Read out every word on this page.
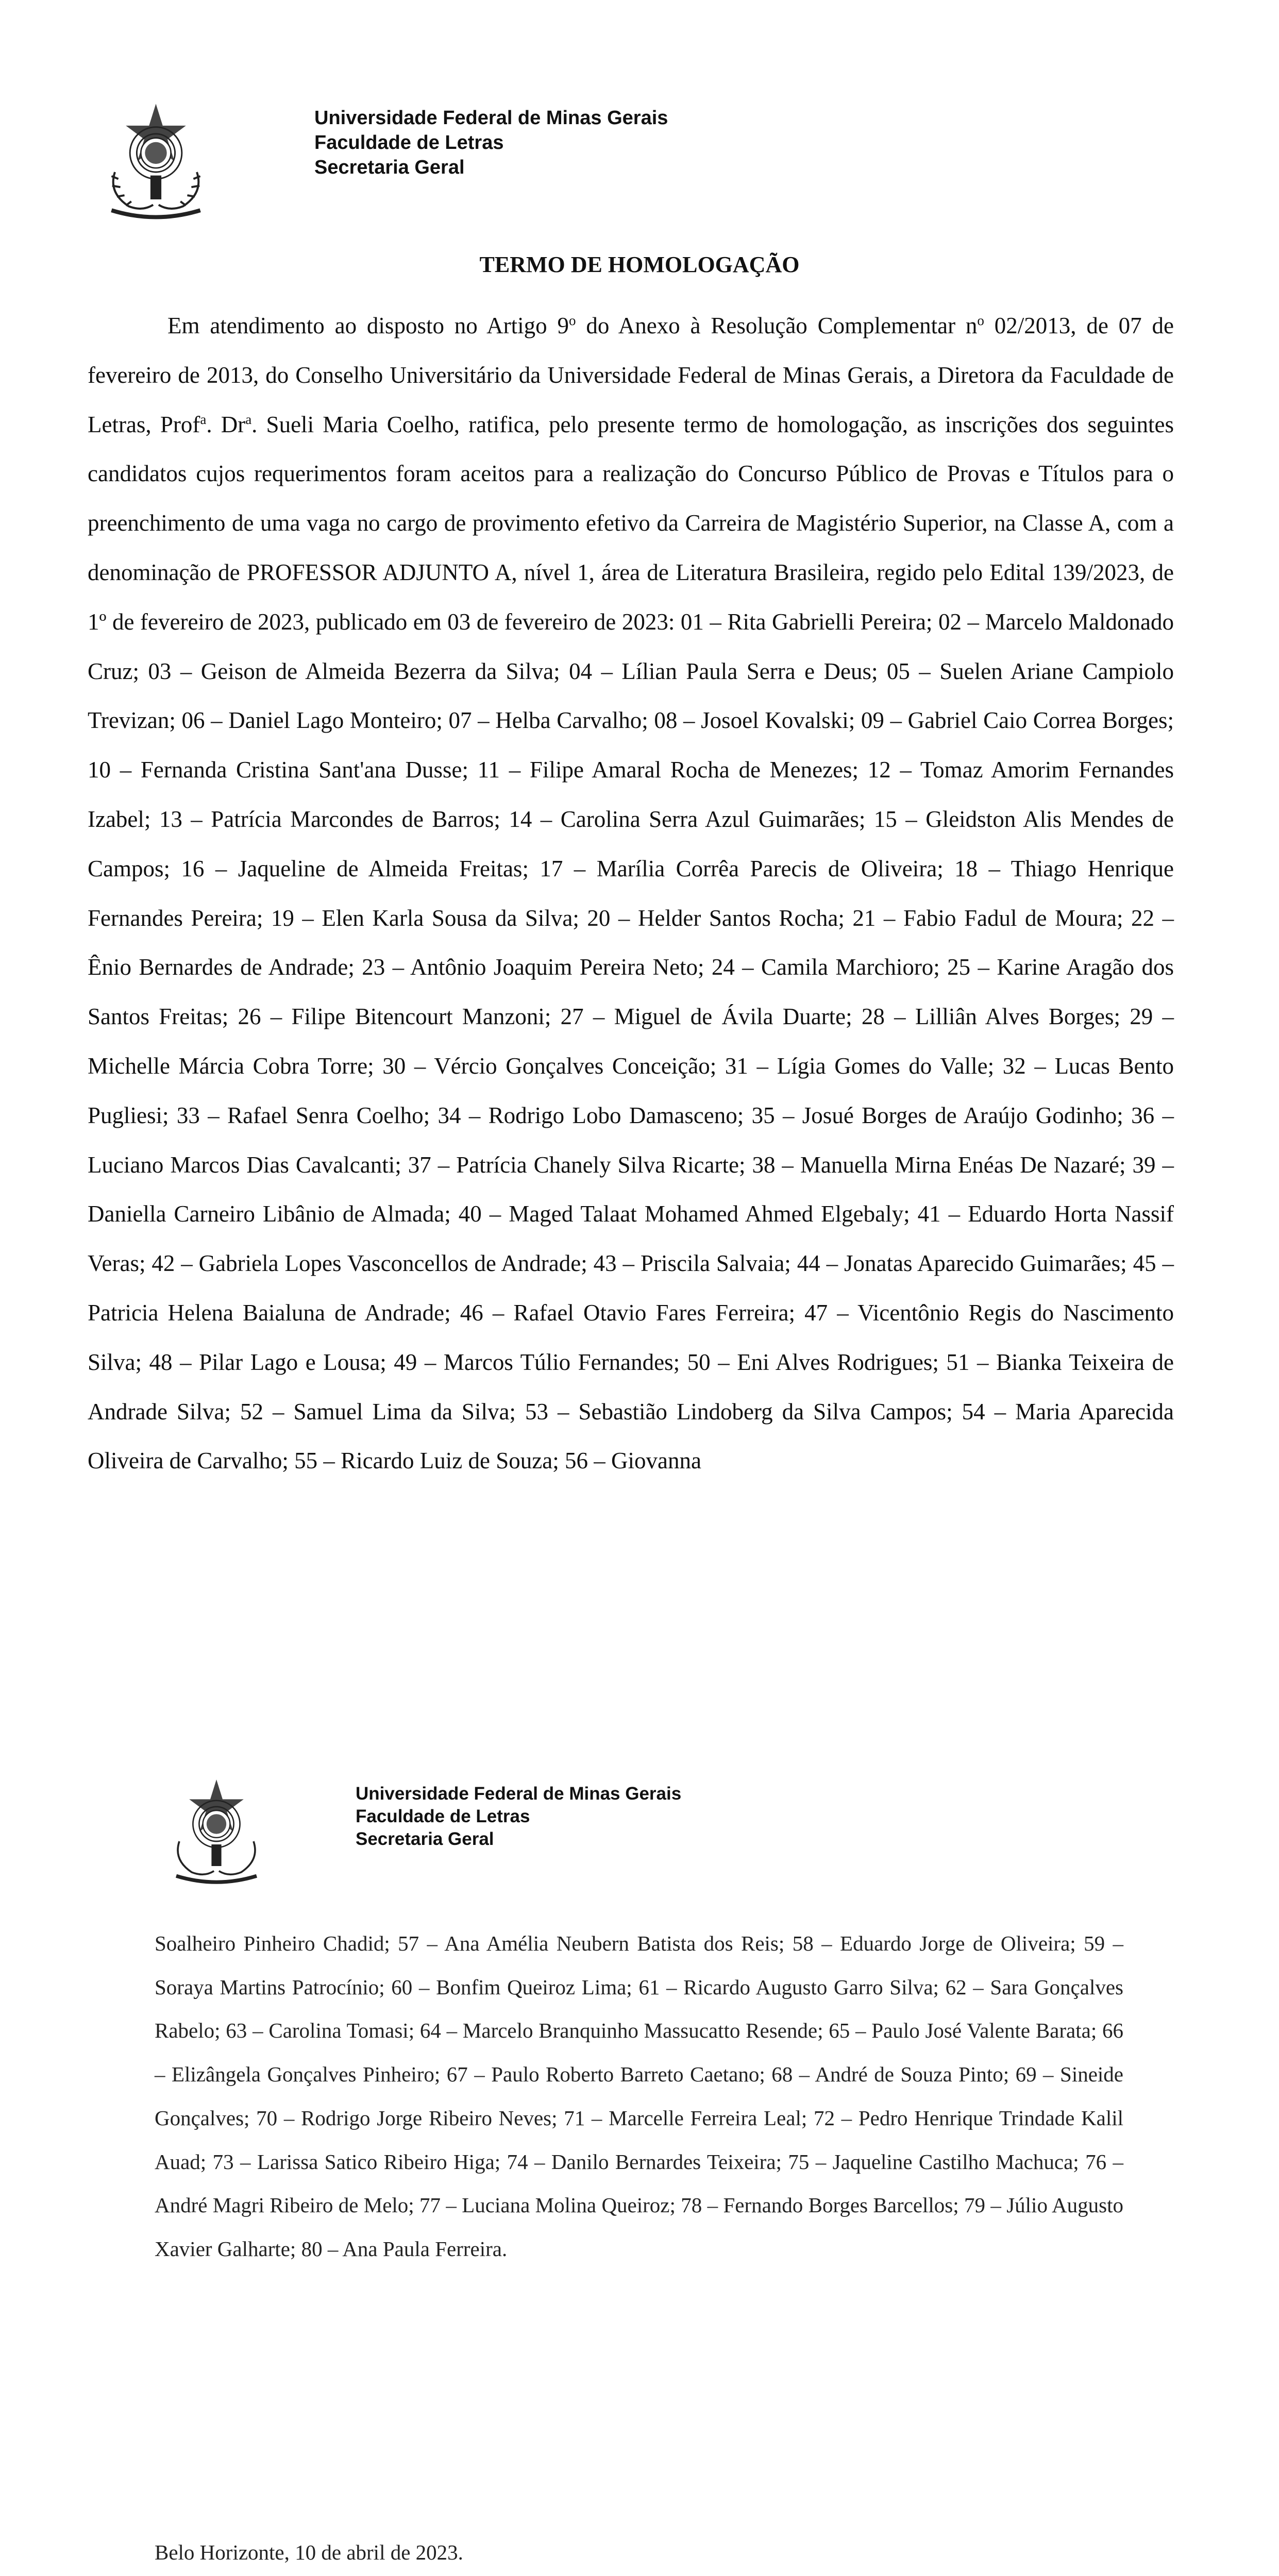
Universidade Federal de Minas Gerais
Faculdade de Letras
Secretaria Geral
TERMO DE HOMOLOGAÇÃO

Em atendimento ao disposto no Artigo 9$^o$ do Anexo à Resolução Complementar $n^o$ 02/2013, de 07 de fevereiro de 2013, do Conselho Universitário da Universidade Federal de Minas Gerais, a Diretora da Faculdade de Letras, Prof$^a$. Dr$^a$. Sueli Maria Coelho, ratifica, pelo presente termo de homologação, as inscrições dos seguintes candidatos cujos requerimentos foram aceitos para a realização do Concurso Público de Provas e Títulos para o preenchimento de uma vaga no cargo de provimento efetivo da Carreira de Magistério Superior, na Classe A, com a denominação de PROFESSOR ADJUNTO A, nível 1, área de Literatura Brasileira, regido pelo Edital 139/2023, de 1º de fevereiro de 2023, publicado em 03 de fevereiro de 2023: 01 – Rita Gabrielli Pereira; 02 – Marcelo Maldonado Cruz; 03 – Geison de Almeida Bezerra da Silva; 04 – Lílian Paula Serra e Deus; 05 – Suelen Ariane Campiolo Trevizan; 06 – Daniel Lago Monteiro; 07 – Helba Carvalho; 08 – Josoel Kovalski; 09 – Gabriel Caio Correa Borges; 10 – Fernanda Cristina Sant'ana Dusse; 11 – Filipe Amaral Rocha de Menezes; 12 – Tomaz Amorim Fernandes Izabel; 13 – Patrícia Marcondes de Barros; 14 – Carolina Serra Azul Guimarães; 15 – Gleidston Alis Mendes de Campos; 16 – Jaqueline de Almeida Freitas; 17 – Marília Corrêa Parecis de Oliveira; 18 – Thiago Henrique Fernandes Pereira; 19 – Elen Karla Sousa da Silva; 20 – Helder Santos Rocha; 21 – Fabio Fadul de Moura; 22 – Ênio Bernardes de Andrade; 23 – Antônio Joaquim Pereira Neto; 24 – Camila Marchioro; 25 – Karine Aragão dos Santos Freitas; 26 – Filipe Bitencourt Manzoni; 27 – Miguel de Ávila Duarte; 28 – Lilliân Alves Borges; 29 – Michelle Márcia Cobra Torre; 30 – Vércio Gonçalves Conceição; 31 – Lígia Gomes do Valle; 32 – Lucas Bento Pugliesi; 33 – Rafael Senra Coelho; 34 – Rodrigo Lobo Damasceno; 35 – Josué Borges de Araújo Godinho; 36 – Luciano Marcos Dias Cavalcanti; 37 – Patrícia Chanely Silva Ricarte; 38 – Manuella Mirna Enéas De Nazaré; 39 – Daniella Carneiro Libânio de Almada; 40 – Maged Talaat Mohamed Ahmed Elgebaly; 41 – Eduardo Horta Nassif Veras; 42 – Gabriela Lopes Vasconcellos de Andrade; 43 – Priscila Salvaia; 44 – Jonatas Aparecido Guimarães; 45 – Patricia Helena Baialuna de Andrade; 46 – Rafael Otavio Fares Ferreira; 47 – Vicentônio Regis do Nascimento Silva; 48 – Pilar Lago e Lousa; 49 – Marcos Túlio Fernandes; 50 – Eni Alves Rodrigues; 51 – Bianka Teixeira de Andrade Silva; 52 – Samuel Lima da Silva; 53 – Sebastião Lindoberg da Silva Campos; 54 – Maria Aparecida Oliveira de Carvalho; 55 – Ricardo Luiz de Souza; 56 – Giovanna

Universidade Federal de Minas Gerais
Faculdade de Letras
Secretaria Geral

Soalheiro Pinheiro Chadid; 57 – Ana Amélia Neubern Batista dos Reis; 58 – Eduardo Jorge de Oliveira; 59 – Soraya Martins Patrocínio; 60 – Bonfim Queiroz Lima; 61 – Ricardo Augusto Garro Silva; 62 – Sara Gonçalves Rabelo; 63 – Carolina Tomasi; 64 – Marcelo Branquinho Massucatto Resende; 65 – Paulo José Valente Barata; 66 – Elizângela Gonçalves Pinheiro; 67 – Paulo Roberto Barreto Caetano; 68 – André de Souza Pinto; 69 – Sineide Gonçalves; 70 – Rodrigo Jorge Ribeiro Neves; 71 – Marcelle Ferreira Leal; 72 – Pedro Henrique Trindade Kalil Auad; 73 – Larissa Satico Ribeiro Higa; 74 – Danilo Bernardes Teixeira; 75 – Jaqueline Castilho Machuca; 76 – André Magri Ribeiro de Melo; 77 – Luciana Molina Queiroz; 78 – Fernando Borges Barcellos; 79 – Júlio Augusto Xavier Galharte; 80 – Ana Paula Ferreira.

Belo Horizonte, 10 de abril de 2023.
